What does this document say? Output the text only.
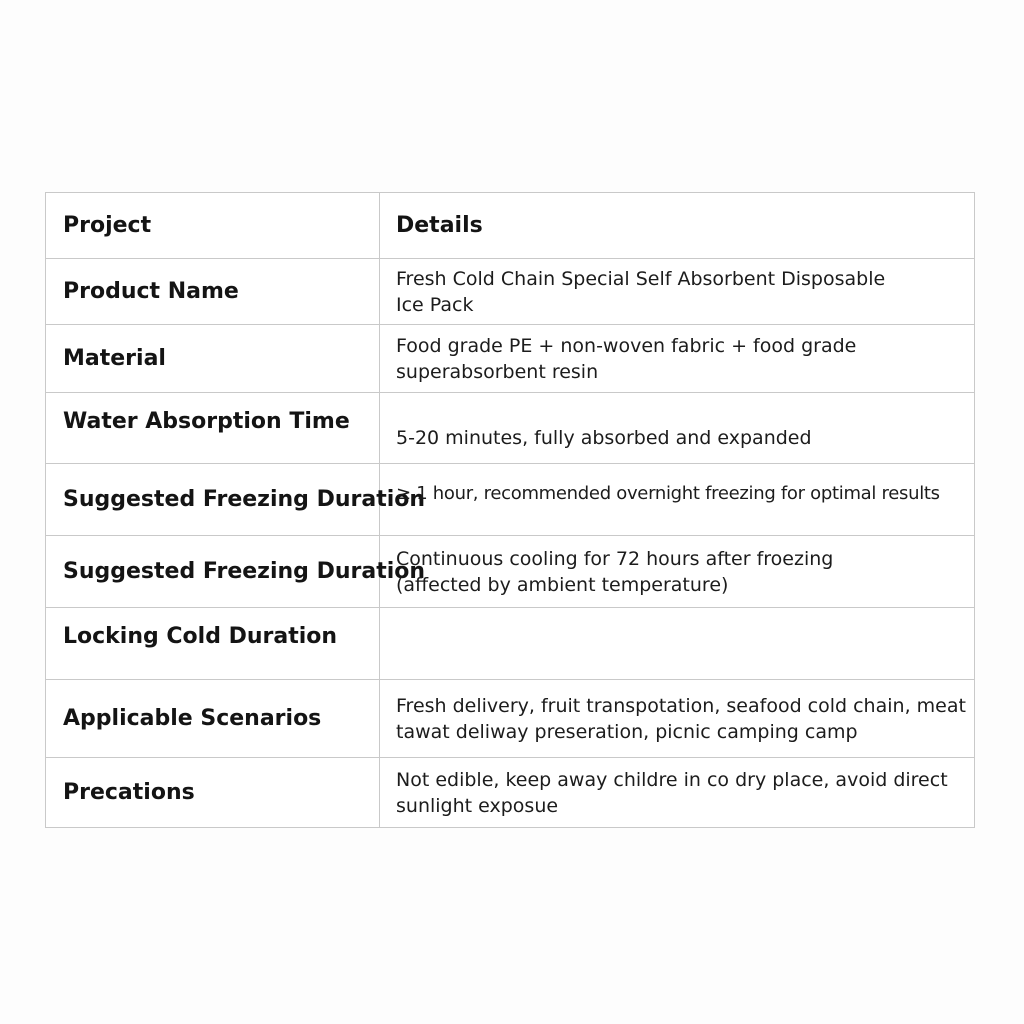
Project	Details
Product Name	Fresh Cold Chain Special Self Absorbent Disposable
Ice Pack
Material	Food grade PE + non-woven fabric + food grade
superabsorbent resin
Water Absorption Time	5-20 minutes, fully absorbed and expanded

Suggested Freezing Duration	≥ 1 hour, recommended overnight freezing for optimal results

Suggested Freezing Duration	Continuous cooling for 72 hours after froezing
(affected by ambient temperature)
Locking Cold Duration	
Applicable Scenarios	Fresh delivery, fruit transpotation, seafood cold chain, meat
tawat deliway preseration, picnic camping camp
Precations	Not edible, keep away childre in co dry place, avoid direct
sunlight exposue
